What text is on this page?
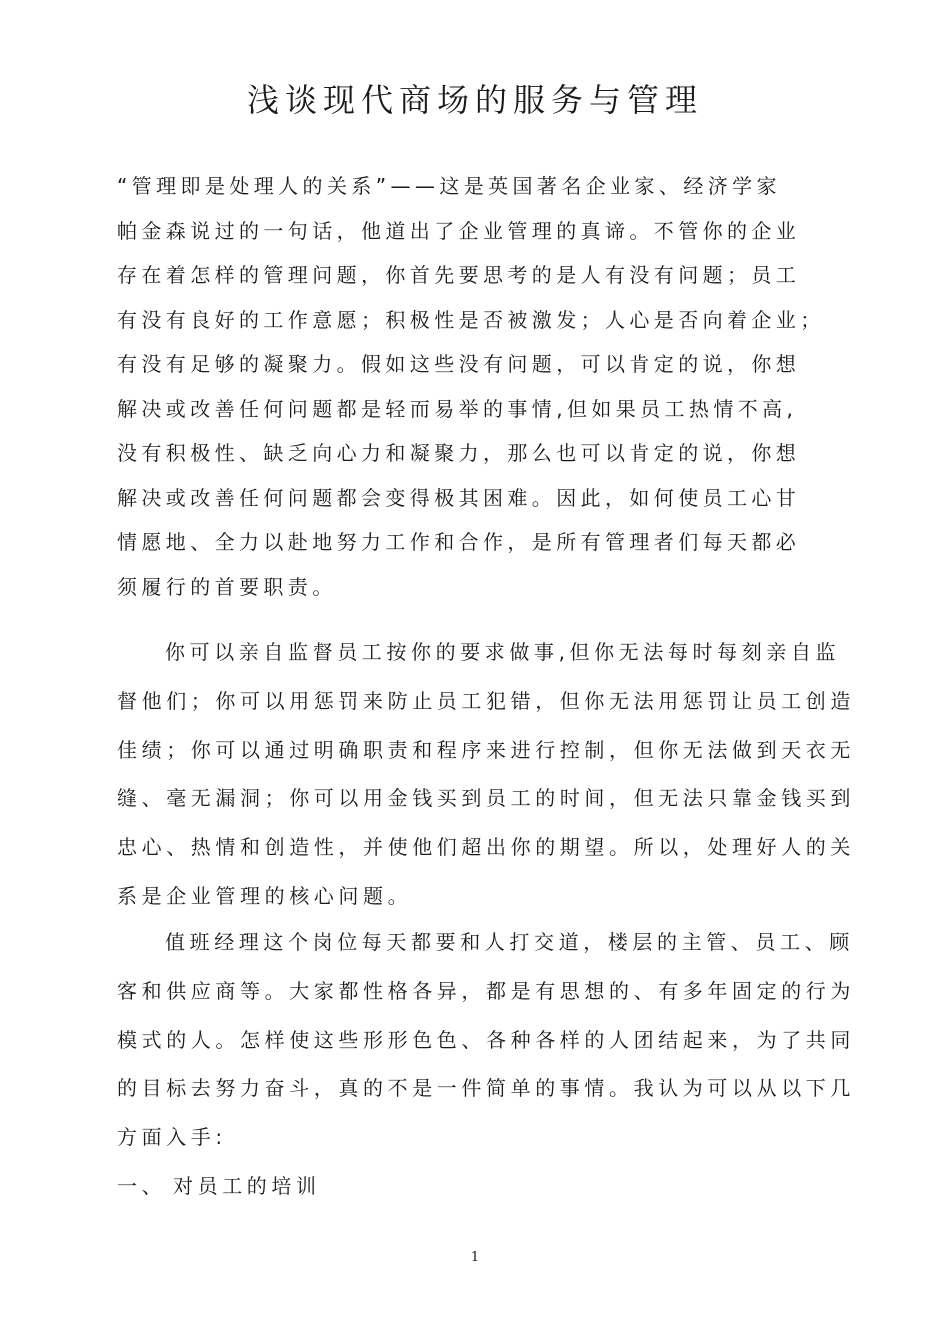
浅谈现代商场的服务与管理
“管理即是处理人的关系”——这是英国著名企业家、经济学家
帕金森说过的一句话，他道出了企业管理的真谛。不管你的企业
存在着怎样的管理问题，你首先要思考的是人有没有问题；员工
有没有良好的工作意愿；积极性是否被激发；人心是否向着企业；
有没有足够的凝聚力。假如这些没有问题，可以肯定的说，你想
解决或改善任何问题都是轻而易举的事情,但如果员工热情不高,
没有积极性、缺乏向心力和凝聚力，那么也可以肯定的说，你想
解决或改善任何问题都会变得极其困难。因此，如何使员工心甘
情愿地、全力以赴地努力工作和合作，是所有管理者们每天都必
须履行的首要职责。
你可以亲自监督员工按你的要求做事,但你无法每时每刻亲自监
督他们；你可以用惩罚来防止员工犯错，但你无法用惩罚让员工创造
佳绩；你可以通过明确职责和程序来进行控制，但你无法做到天衣无
缝、毫无漏洞；你可以用金钱买到员工的时间，但无法只靠金钱买到
忠心、热情和创造性，并使他们超出你的期望。所以，处理好人的关
系是企业管理的核心问题。
值班经理这个岗位每天都要和人打交道，楼层的主管、员工、顾
客和供应商等。大家都性格各异，都是有思想的、有多年固定的行为
模式的人。怎样使这些形形色色、各种各样的人团结起来，为了共同
的目标去努力奋斗，真的不是一件简单的事情。我认为可以从以下几
方面入手:
一、 对员工的培训
1
